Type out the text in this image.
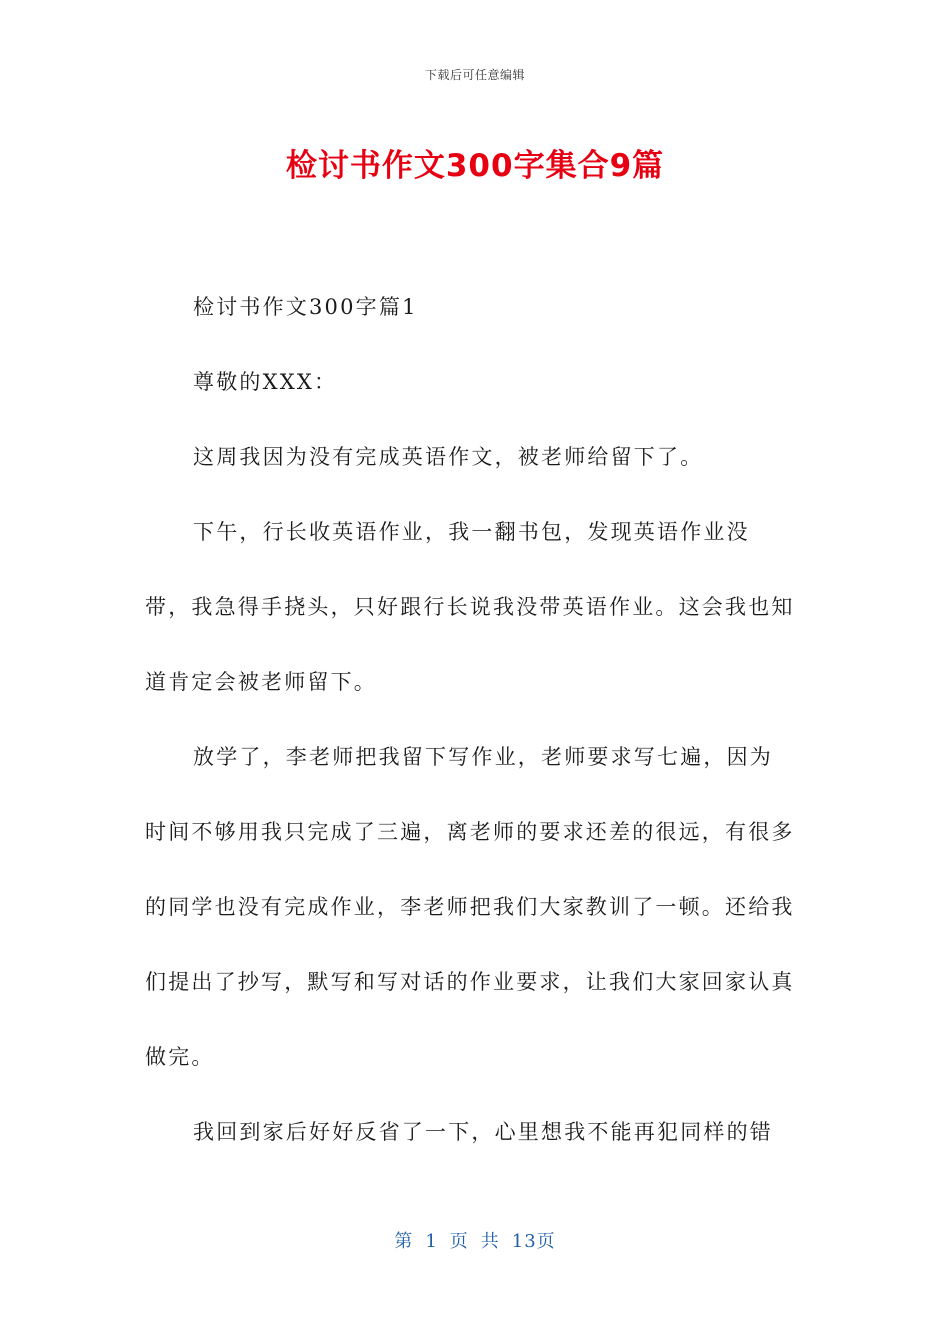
下载后可任意编辑
检讨书作文300字集合9篇

检讨书作文300字篇1

尊敬的XXX：

这周我因为没有完成英语作文，被老师给留下了。

下午，行长收英语作业，我一翻书包，发现英语作业没带，我急得手挠头，只好跟行长说我没带英语作业。这会我也知道肯定会被老师留下。

放学了，李老师把我留下写作业，老师要求写七遍，因为时间不够用我只完成了三遍，离老师的要求还差的很远，有很多的同学也没有完成作业，李老师把我们大家教训了一顿。还给我们提出了抄写，默写和写对话的作业要求，让我们大家回家认真做完。

我回到家后好好反省了一下，心里想我不能再犯同样的错

第 1 页 共 13页
